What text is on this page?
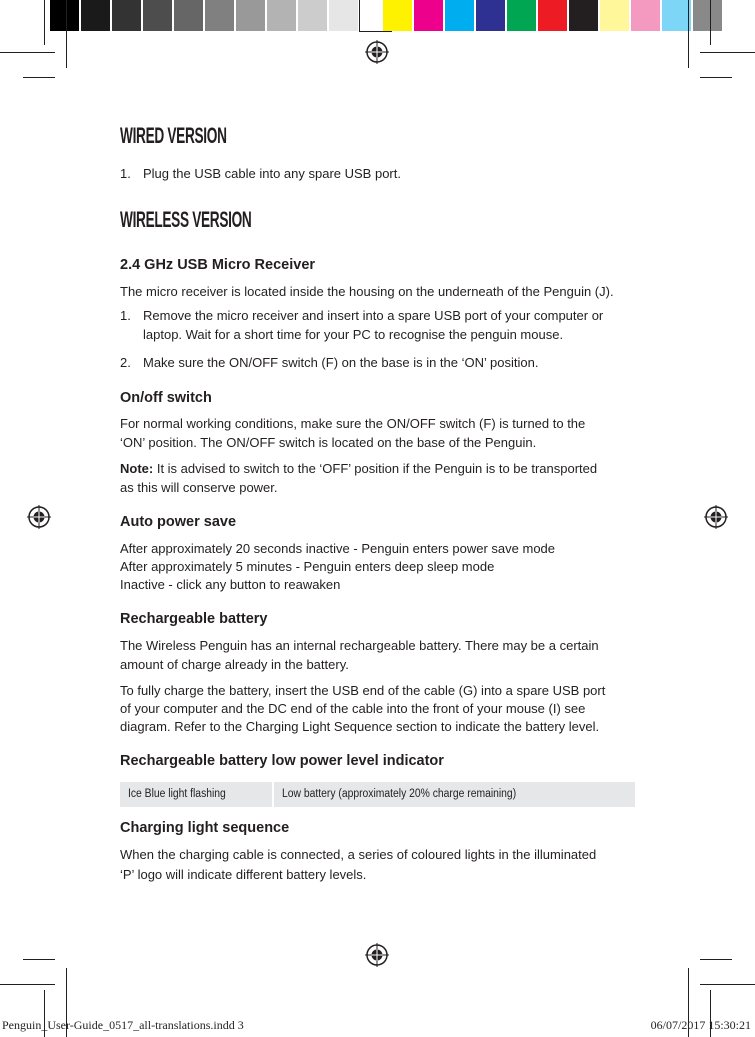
WIRED VERSION
1. Plug the USB cable into any spare USB port.
WIRELESS VERSION
2.4 GHz USB Micro Receiver
The micro receiver is located inside the housing on the underneath of the Penguin (J).
1. Remove the micro receiver and insert into a spare USB port of your computer or
laptop. Wait for a short time for your PC to recognise the penguin mouse.
2. Make sure the ON/OFF switch (F) on the base is in the ‘ON’ position.
On/off switch
For normal working conditions, make sure the ON/OFF switch (F) is turned to the
‘ON’ position. The ON/OFF switch is located on the base of the Penguin.
Note: It is advised to switch to the ‘OFF’ position if the Penguin is to be transported
as this will conserve power.
Auto power save
After approximately 20 seconds inactive - Penguin enters power save mode
After approximately 5 minutes - Penguin enters deep sleep mode
Inactive - click any button to reawaken
Rechargeable battery
The Wireless Penguin has an internal rechargeable battery. There may be a certain
amount of charge already in the battery.
To fully charge the battery, insert the USB end of the cable (G) into a spare USB port
of your computer and the DC end of the cable into the front of your mouse (I) see
diagram. Refer to the Charging Light Sequence section to indicate the battery level.
Rechargeable battery low power level indicator
Ice Blue light flashing	Low battery (approximately 20% charge remaining)
Charging light sequence
When the charging cable is connected, a series of coloured lights in the illuminated
‘P’ logo will indicate different battery levels.
Penguin_User-Guide_0517_all-translations.indd 3	06/07/2017 15:30:21
